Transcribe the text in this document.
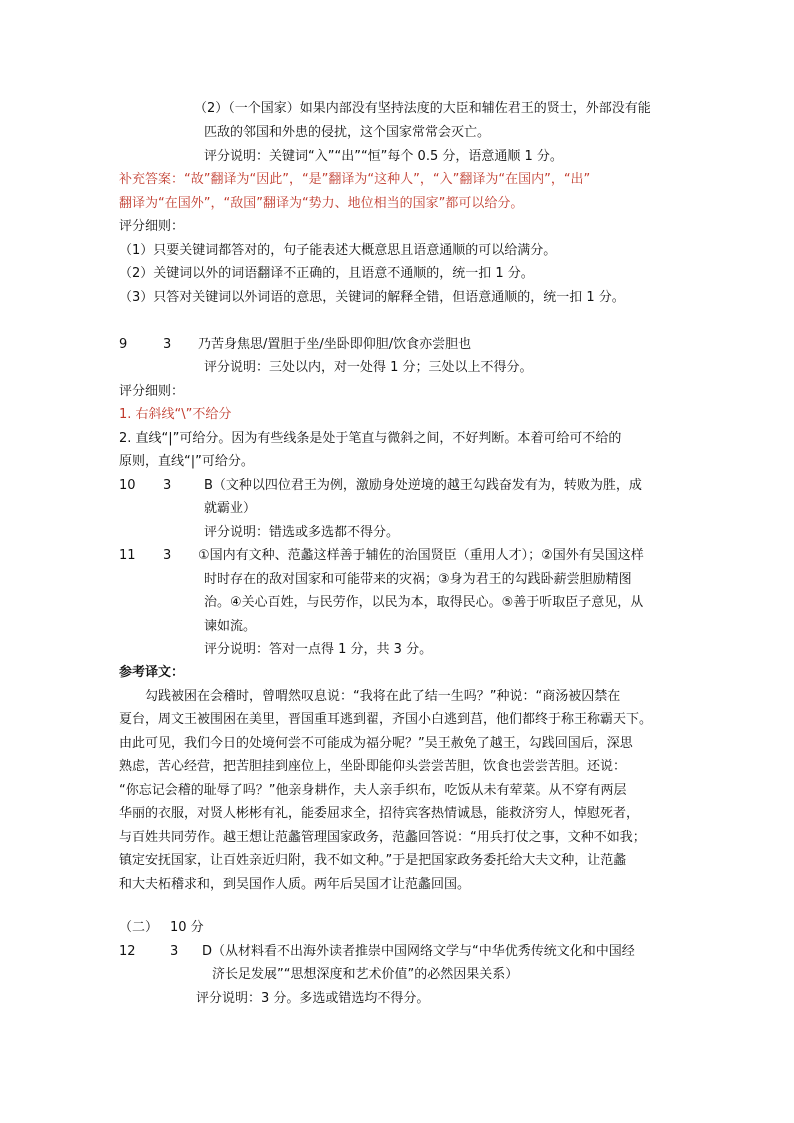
（2）（一个国家）如果内部没有坚持法度的大臣和辅佐君王的贤士，外部没有能
匹敌的邻国和外患的侵扰，这个国家常常会灭亡。
评分说明：关键词“入”“出”“恒”每个 0.5 分，语意通顺 1 分。
补充答案：“故”翻译为“因此”，“是”翻译为“这种人”，“入”翻译为“在国内”，“出”
翻译为“在国外”，“敌国”翻译为“势力、地位相当的国家”都可以给分。
评分细则：
（1）只要关键词都答对的，句子能表述大概意思且语意通顺的可以给满分。
（2）关键词以外的词语翻译不正确的，且语意不通顺的，统一扣 1 分。
（3）只答对关键词以外词语的意思，关键词的解释全错，但语意通顺的，统一扣 1 分。
9	3 乃苦身焦思/置胆于坐/坐卧即仰胆/饮食亦尝胆也
评分说明：三处以内，对一处得 1 分；三处以上不得分。
评分细则：
1. 右斜线“\”不给分
2. 直线“|”可给分。因为有些线条是处于笔直与微斜之间，不好判断。本着可给可不给的
原则，直线“|”可给分。
10 3	B（文种以四位君王为例，激励身处逆境的越王勾践奋发有为，转败为胜，成
就霸业）
评分说明：错选或多选都不得分。
11 3 ①国内有文种、范蠡这样善于辅佐的治国贤臣（重用人才）；②国外有吴国这样
时时存在的敌对国家和可能带来的灾祸；③身为君王的勾践卧薪尝胆励精图
治。④关心百姓，与民劳作，以民为本，取得民心。⑤善于听取臣子意见，从
谏如流。
评分说明：答对一点得 1 分，共 3 分。
参考译文：
勾践被困在会稽时，曾喟然叹息说：“我将在此了结一生吗？”种说：“商汤被囚禁在
夏台，周文王被围困在美里，晋国重耳逃到翟，齐国小白逃到莒，他们都终于称王称霸天下。
由此可见，我们今日的处境何尝不可能成为福分呢？”吴王赦免了越王，勾践回国后，深思
熟虑，苦心经营，把苦胆挂到座位上，坐卧即能仰头尝尝苦胆，饮食也尝尝苦胆。还说：
“你忘记会稽的耻辱了吗？”他亲身耕作，夫人亲手织布，吃饭从未有荤菜。从不穿有两层
华丽的衣服，对贤人彬彬有礼，能委屈求全，招待宾客热情诚恳，能救济穷人，悼慰死者，
与百姓共同劳作。越王想让范蠡管理国家政务，范蠡回答说：“用兵打仗之事，文种不如我；
镇定安抚国家，让百姓亲近归附，我不如文种。”于是把国家政务委托给大夫文种，让范蠡
和大夫柘稽求和，到吴国作人质。两年后吴国才让范蠡回国。
（二） 10 分
12	3 D（从材料看不出海外读者推崇中国网络文学与“中华优秀传统文化和中国经
济长足发展”“思想深度和艺术价值”的必然因果关系）
评分说明：3 分。多选或错选均不得分。
